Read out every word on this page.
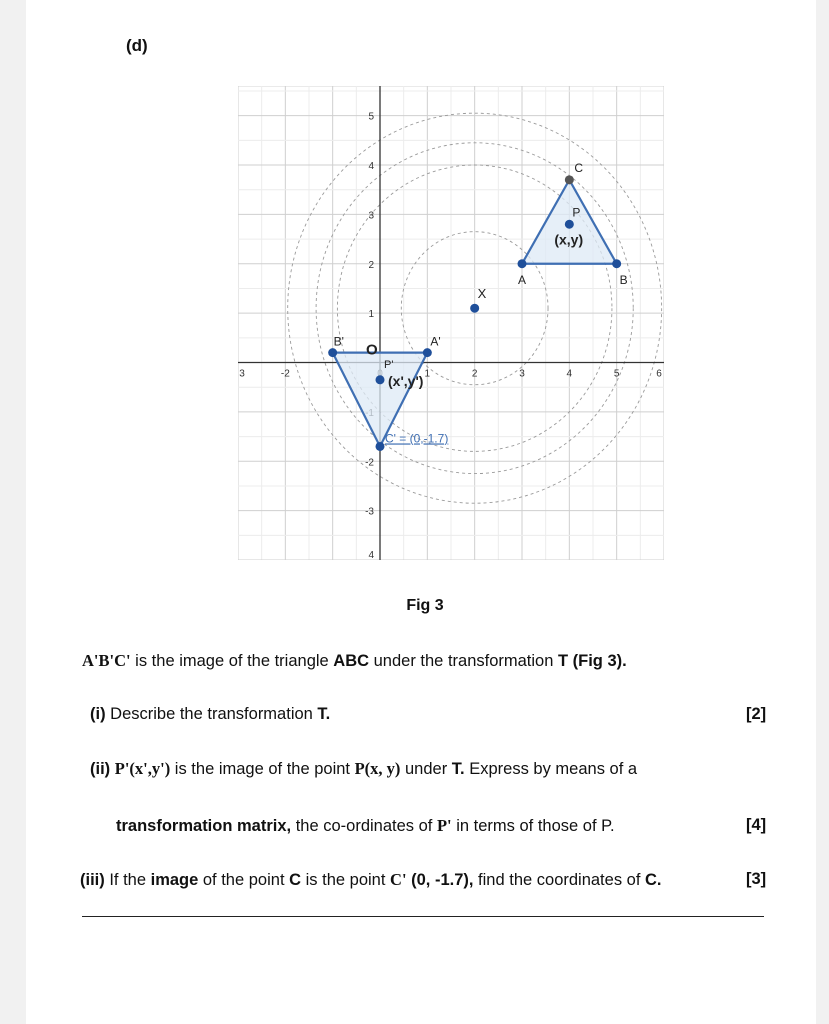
(d)
3	-2	1	2	3	4	5	6
5
4
3
2
1
-2
-3
4
A	B
C
P
(x,y)
X
A'
B'
C' = (0,-1.7)
P'
(x',y')
O
Fig 3
A'B'C' is the image of the triangle ABC under the transformation T (Fig 3).
(i) Describe the transformation T.	[2]
(ii) P'(x',y') is the image of the point P(x, y) under T. Express by means of a
transformation matrix, the co-ordinates of P' in terms of those of P.	[4]
(iii) If the image of the point C is the point C' (0, -1.7), find the coordinates of C.	[3]
